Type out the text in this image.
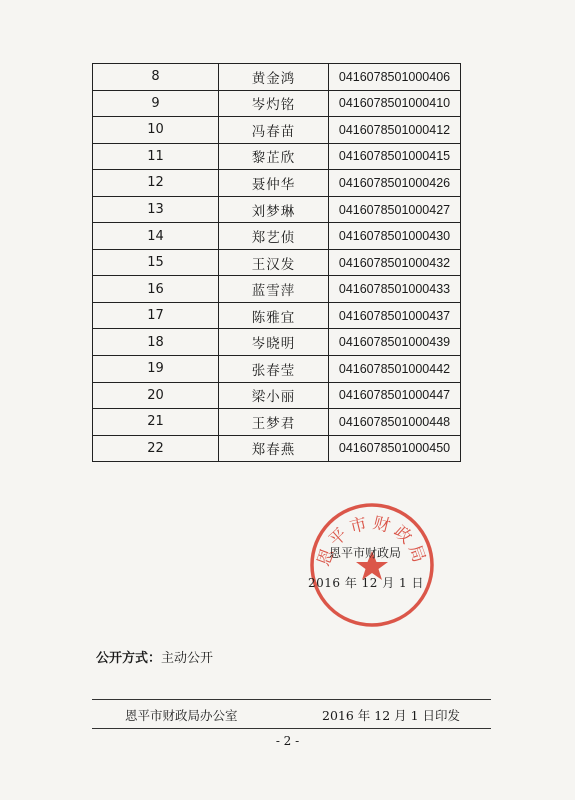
8	黄金鸿	0416078501000406
9	岑灼铭	0416078501000410
10	冯春苗	0416078501000412
11	黎芷欣	0416078501000415
12	聂仲华	0416078501000426
13	刘梦琳	0416078501000427
14	郑艺侦	0416078501000430
15	王汉发	0416078501000432
16	蓝雪萍	0416078501000433
17	陈雅宜	0416078501000437
18	岑晓明	0416078501000439
19	张春莹	0416078501000442
20	梁小丽	0416078501000447
21	王梦君	0416078501000448
22	郑春燕	0416078501000450
恩平市财政局
恩平市财政局
2016 年 12 月 1 日
公开方式：主动公开
恩平市财政局办公室	2016 年 12 月 1 日印发
- 2 -
